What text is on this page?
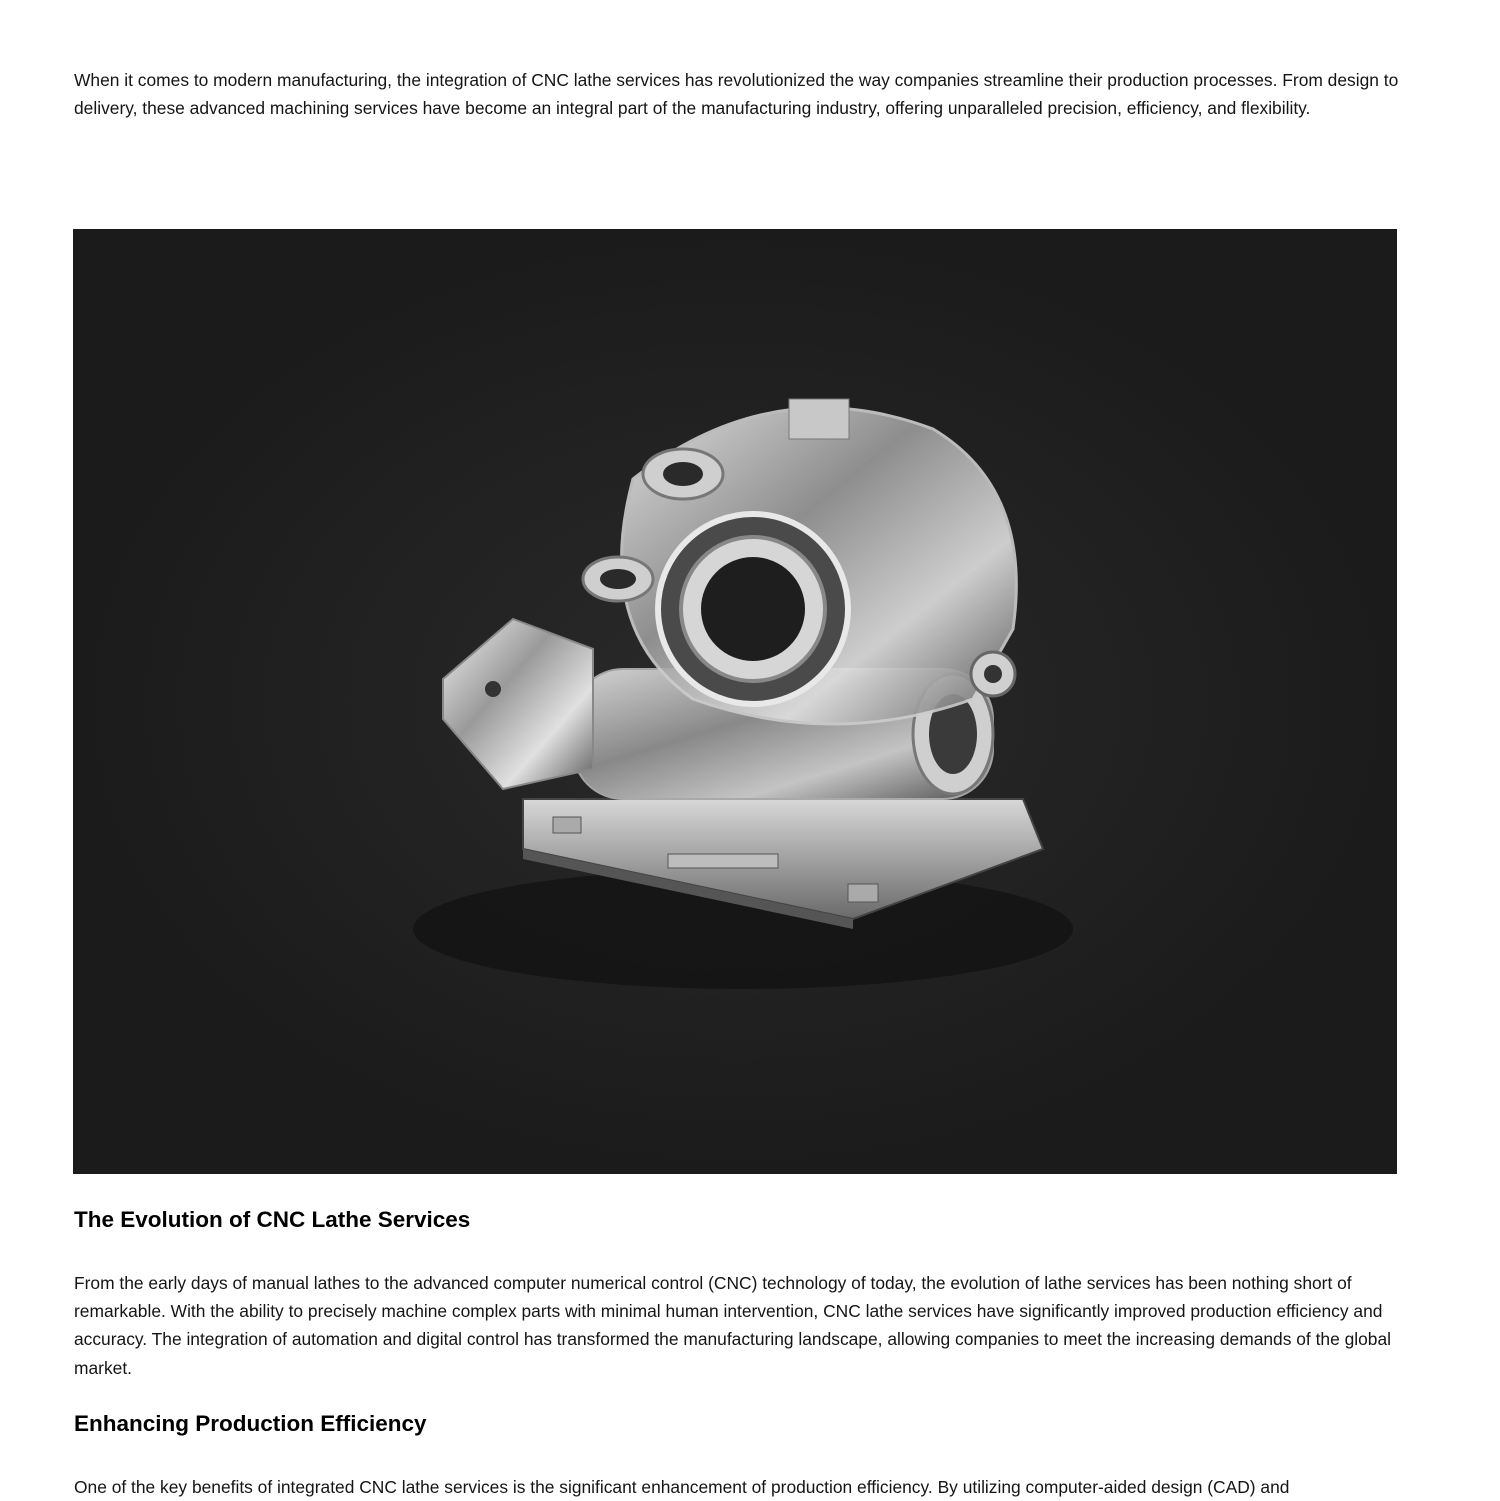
When it comes to modern manufacturing, the integration of CNC lathe services has revolutionized the way companies streamline their production processes. From design to delivery, these advanced machining services have become an integral part of the manufacturing industry, offering unparalleled precision, efficiency, and flexibility.

The Evolution of CNC Lathe Services

From the early days of manual lathes to the advanced computer numerical control (CNC) technology of today, the evolution of lathe services has been nothing short of remarkable. With the ability to precisely machine complex parts with minimal human intervention, CNC lathe services have significantly improved production efficiency and accuracy. The integration of automation and digital control has transformed the manufacturing landscape, allowing companies to meet the increasing demands of the global market.

Enhancing Production Efficiency

One of the key benefits of integrated CNC lathe services is the significant enhancement of production efficiency. By utilizing computer-aided design (CAD) and
